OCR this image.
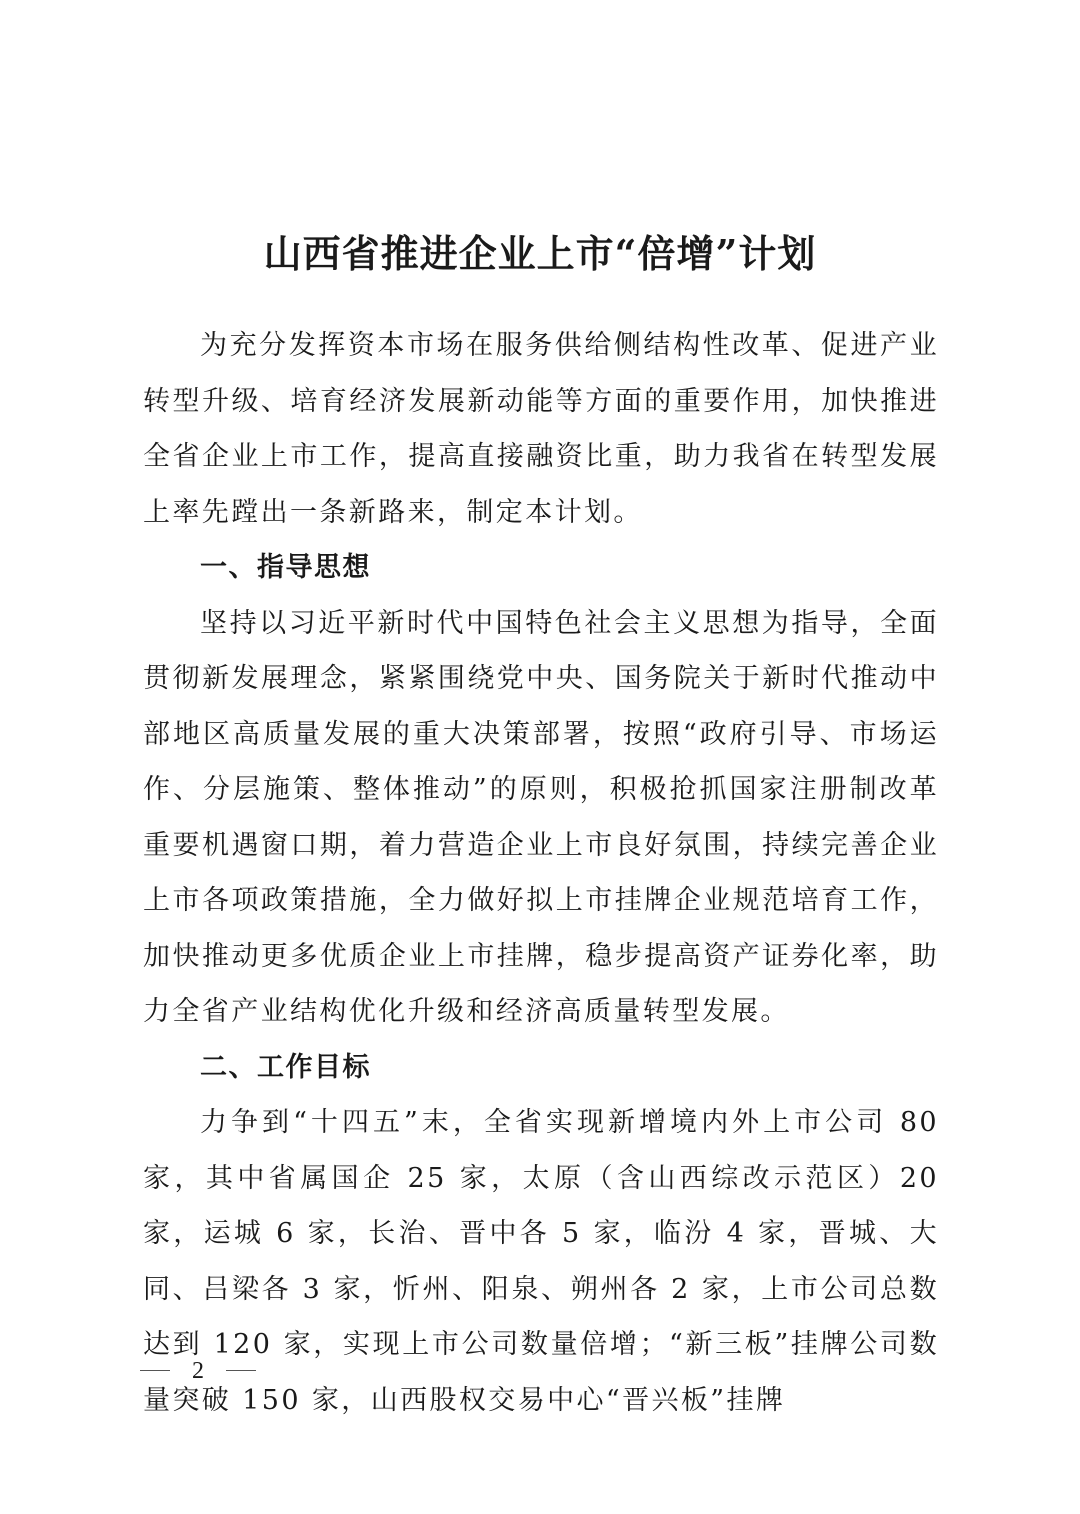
山西省推进企业上市“倍增”计划

为充分发挥资本市场在服务供给侧结构性改革、促进产业转型升级、培育经济发展新动能等方面的重要作用，加快推进全省企业上市工作，提高直接融资比重，助力我省在转型发展上率先蹚出一条新路来，制定本计划。

一、指导思想

坚持以习近平新时代中国特色社会主义思想为指导，全面贯彻新发展理念，紧紧围绕党中央、国务院关于新时代推动中部地区高质量发展的重大决策部署，按照“政府引导、市场运作、分层施策、整体推动”的原则，积极抢抓国家注册制改革重要机遇窗口期，着力营造企业上市良好氛围，持续完善企业上市各项政策措施，全力做好拟上市挂牌企业规范培育工作，加快推动更多优质企业上市挂牌，稳步提高资产证券化率，助力全省产业结构优化升级和经济高质量转型发展。

二、工作目标

力争到“十四五”末，全省实现新增境内外上市公司 80 家，其中省属国企 25 家，太原（含山西综改示范区）20 家，运城 6 家，长治、晋中各 5 家，临汾 4 家，晋城、大同、吕梁各 3 家，忻州、阳泉、朔州各 2 家，上市公司总数达到 120 家，实现上市公司数量倍增；“新三板”挂牌公司数量突破 150 家，山西股权交易中心“晋兴板”挂牌

2
